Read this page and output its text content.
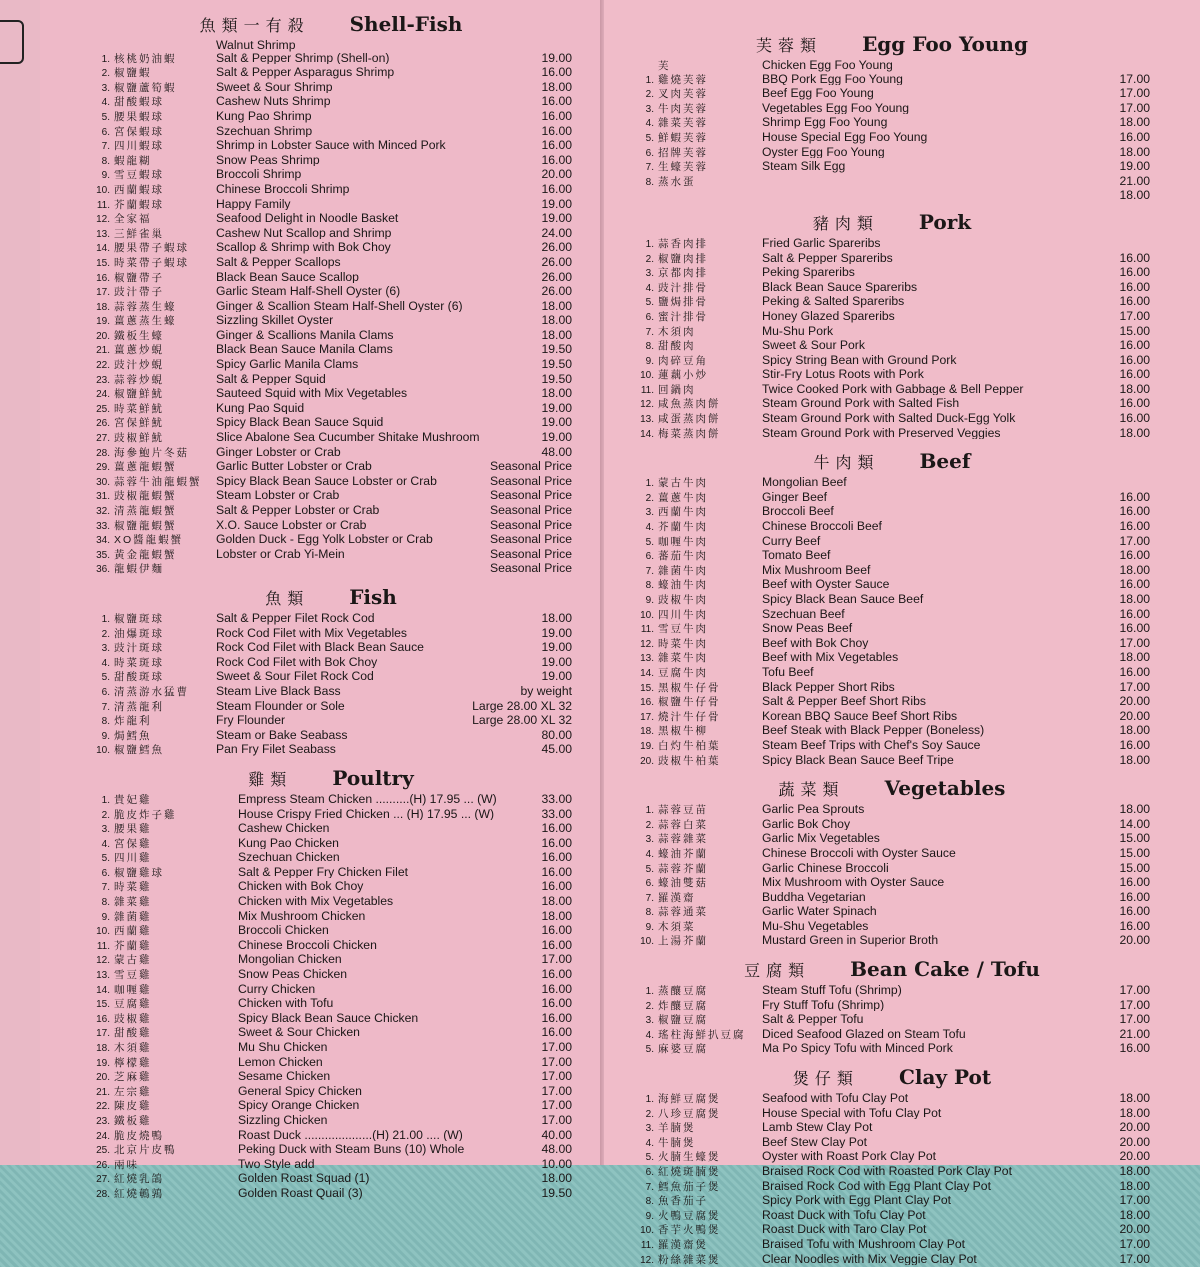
魚類一有殺 Shell-Fish
Walnut Shrimp
1. 核桃奶油蝦	Salt & Pepper Shrimp (Shell-on)	19.00
2. 椒鹽蝦	Salt & Pepper Asparagus Shrimp	16.00
3. 椒鹽蘆筍蝦	Sweet & Sour Shrimp	18.00
4. 甜酸蝦球	Cashew Nuts Shrimp	16.00
5. 腰果蝦球	Kung Pao Shrimp	16.00
6. 宮保蝦球	Szechuan Shrimp	16.00
7. 四川蝦球	Shrimp in Lobster Sauce with Minced Pork	16.00
8. 蝦龍糊	Snow Peas Shrimp	16.00
9. 雪豆蝦球	Broccoli Shrimp	20.00
10. 西蘭蝦球	Chinese Broccoli Shrimp	16.00
11. 芥蘭蝦球	Happy Family	19.00
12. 全家福	Seafood Delight in Noodle Basket	19.00
13. 三鮮雀巢	Cashew Nut Scallop and Shrimp	24.00
14. 腰果帶子蝦球	Scallop & Shrimp with Bok Choy	26.00
15. 時菜帶子蝦球	Salt & Pepper Scallops	26.00
16. 椒鹽帶子	Black Bean Sauce Scallop	26.00
17. 豉汁帶子	Garlic Steam Half-Shell Oyster (6)	26.00
18. 蒜蓉蒸生蠔	Ginger & Scallion Steam Half-Shell Oyster (6)	18.00
19. 薑蔥蒸生蠔	Sizzling Skillet Oyster	18.00
20. 鐵板生蠔	Ginger & Scallions Manila Clams	18.00
21. 薑蔥炒蜆	Black Bean Sauce Manila Clams	19.50
22. 豉汁炒蜆	Spicy Garlic Manila Clams	19.50
23. 蒜蓉炒蜆	Salt & Pepper Squid	19.50
24. 椒鹽鮮魷	Sauteed Squid with Mix Vegetables	18.00
25. 時菜鮮魷	Kung Pao Squid	19.00
26. 宮保鮮魷	Spicy Black Bean Sauce Squid	19.00
27. 豉椒鮮魷	Slice Abalone Sea Cucumber Shitake Mushroom	19.00
28. 海參鮑片冬菇	Ginger Lobster or Crab	48.00
29. 薑蔥龍蝦蟹	Garlic Butter Lobster or Crab	Seasonal Price
30. 蒜蓉牛油龍蝦蟹	Spicy Black Bean Sauce Lobster or Crab	Seasonal Price
31. 豉椒龍蝦蟹	Steam Lobster or Crab	Seasonal Price
32. 清蒸龍蝦蟹	Salt & Pepper Lobster or Crab	Seasonal Price
33. 椒鹽龍蝦蟹	X.O. Sauce Lobster or Crab	Seasonal Price
34. XO醬龍蝦蟹	Golden Duck - Egg Yolk Lobster or Crab	Seasonal Price
35. 黃金龍蝦蟹	Lobster or Crab Yi-Mein	Seasonal Price
36. 龍蝦伊麵	Seasonal Price
魚類 Fish
1. 椒鹽斑球	Salt & Pepper Filet Rock Cod	18.00
2. 油爆斑球	Rock Cod Filet with Mix Vegetables	19.00
3. 豉汁斑球	Rock Cod Filet with Black Bean Sauce	19.00
4. 時菜斑球	Rock Cod Filet with Bok Choy	19.00
5. 甜酸斑球	Sweet & Sour Filet Rock Cod	19.00
6. 清蒸游水猛曹	Steam Live Black Bass	by weight
7. 清蒸龍利	Steam Flounder or Sole	Large 28.00 XL 32
8. 炸龍利	Fry Flounder	Large 28.00 XL 32
9. 焗鱈魚	Steam or Bake Seabass	80.00
10. 椒鹽鱈魚	Pan Fry Filet Seabass	45.00
雞類 Poultry
1. 貴妃雞	Empress Steam Chicken ..........(H) 17.95 ... (W)	33.00
2. 脆皮炸子雞	House Crispy Fried Chicken ... (H) 17.95 ... (W)	33.00
3. 腰果雞	Cashew Chicken	16.00
4. 宮保雞	Kung Pao Chicken	16.00
5. 四川雞	Szechuan Chicken	16.00
6. 椒鹽雞球	Salt & Pepper Fry Chicken Filet	16.00
7. 時菜雞	Chicken with Bok Choy	16.00
8. 雜菜雞	Chicken with Mix Vegetables	18.00
9. 雜菌雞	Mix Mushroom Chicken	18.00
10. 西蘭雞	Broccoli Chicken	16.00
11. 芥蘭雞	Chinese Broccoli Chicken	16.00
12. 蒙古雞	Mongolian Chicken	17.00
13. 雪豆雞	Snow Peas Chicken	16.00
14. 咖喱雞	Curry Chicken	16.00
15. 豆腐雞	Chicken with Tofu	16.00
16. 豉椒雞	Spicy Black Bean Sauce Chicken	16.00
17. 甜酸雞	Sweet & Sour Chicken	16.00
18. 木須雞	Mu Shu Chicken	17.00
19. 檸檬雞	Lemon Chicken	17.00
20. 芝麻雞	Sesame Chicken	17.00
21. 左宗雞	General Spicy Chicken	17.00
22. 陳皮雞	Spicy Orange Chicken	17.00
23. 鐵板雞	Sizzling Chicken	17.00
24. 脆皮燒鴨	Roast Duck ....................(H) 21.00 .... (W)	40.00
25. 北京片皮鴨	Peking Duck with Steam Buns (10) Whole	48.00
26. 兩味	Two Style add	10.00
27. 紅燒乳鴿	Golden Roast Squad (1)	18.00
28. 紅燒鵪鶉	Golden Roast Quail (3)	19.50
芙蓉類 Egg Foo Young
芙	Chicken Egg Foo Young
1. 雞燒芙蓉	BBQ Pork Egg Foo Young	17.00
2. 叉肉芙蓉	Beef Egg Foo Young	17.00
3. 牛肉芙蓉	Vegetables Egg Foo Young	17.00
4. 雜菜芙蓉	Shrimp Egg Foo Young	18.00
5. 鮮蝦芙蓉	House Special Egg Foo Young	16.00
6. 招牌芙蓉	Oyster Egg Foo Young	18.00
7. 生蠔芙蓉	Steam Silk Egg	19.00
8. 蒸水蛋	21.00
18.00
豬肉類 Pork
1. 蒜香肉排	Fried Garlic Spareribs
2. 椒鹽肉排	Salt & Pepper Spareribs	16.00
3. 京都肉排	Peking Spareribs	16.00
4. 豉汁排骨	Black Bean Sauce Spareribs	16.00
5. 鹽焗排骨	Peking & Salted Spareribs	16.00
6. 蜜汁排骨	Honey Glazed Spareribs	17.00
7. 木須肉	Mu-Shu Pork	15.00
8. 甜酸肉	Sweet & Sour Pork	16.00
9. 肉碎豆角	Spicy String Bean with Ground Pork	16.00
10. 蓮藕小炒	Stir-Fry Lotus Roots with Pork	16.00
11. 回鍋肉	Twice Cooked Pork with Gabbage & Bell Pepper	18.00
12. 咸魚蒸肉餅	Steam Ground Pork with Salted Fish	16.00
13. 咸蛋蒸肉餅	Steam Ground Pork with Salted Duck-Egg Yolk	16.00
14. 梅菜蒸肉餅	Steam Ground Pork with Preserved Veggies	18.00
牛肉類 Beef
1. 蒙古牛肉	Mongolian Beef
2. 薑蔥牛肉	Ginger Beef	16.00
3. 西蘭牛肉	Broccoli Beef	16.00
4. 芥蘭牛肉	Chinese Broccoli Beef	16.00
5. 咖喱牛肉	Curry Beef	17.00
6. 蕃茄牛肉	Tomato Beef	16.00
7. 雜菌牛肉	Mix Mushroom Beef	18.00
8. 蠔油牛肉	Beef with Oyster Sauce	16.00
9. 豉椒牛肉	Spicy Black Bean Sauce Beef	18.00
10. 四川牛肉	Szechuan Beef	16.00
11. 雪豆牛肉	Snow Peas Beef	16.00
12. 時菜牛肉	Beef with Bok Choy	17.00
13. 雜菜牛肉	Beef with Mix Vegetables	18.00
14. 豆腐牛肉	Tofu Beef	16.00
15. 黑椒牛仔骨	Black Pepper Short Ribs	17.00
16. 椒鹽牛仔骨	Salt & Pepper Beef Short Ribs	20.00
17. 燒汁牛仔骨	Korean BBQ Sauce Beef Short Ribs	20.00
18. 黑椒牛柳	Beef Steak with Black Pepper (Boneless)	18.00
19. 白灼牛柏葉	Steam Beef Trips with Chef's Soy Sauce	16.00
20. 豉椒牛柏葉	Spicy Black Bean Sauce Beef Tripe	18.00
蔬菜類 Vegetables
1. 蒜蓉豆苗	Garlic Pea Sprouts	18.00
2. 蒜蓉白菜	Garlic Bok Choy	14.00
3. 蒜蓉雜菜	Garlic Mix Vegetables	15.00
4. 蠔油芥蘭	Chinese Broccoli with Oyster Sauce	15.00
5. 蒜蓉芥蘭	Garlic Chinese Broccoli	15.00
6. 蠔油雙菇	Mix Mushroom with Oyster Sauce	16.00
7. 羅漢齋	Buddha Vegetarian	16.00
8. 蒜蓉通菜	Garlic Water Spinach	16.00
9. 木須菜	Mu-Shu Vegetables	16.00
10. 上湯芥蘭	Mustard Green in Superior Broth	20.00
豆腐類 Bean Cake / Tofu
1. 蒸釀豆腐	Steam Stuff Tofu (Shrimp)	17.00
2. 炸釀豆腐	Fry Stuff Tofu (Shrimp)	17.00
3. 椒鹽豆腐	Salt & Pepper Tofu	17.00
4. 瑤柱海鮮扒豆腐	Diced Seafood Glazed on Steam Tofu	21.00
5. 麻婆豆腐	Ma Po Spicy Tofu with Minced Pork	16.00
煲仔類 Clay Pot
1. 海鮮豆腐煲	Seafood with Tofu Clay Pot	18.00
2. 八珍豆腐煲	House Special with Tofu Clay Pot	18.00
3. 羊腩煲	Lamb Stew Clay Pot	20.00
4. 牛腩煲	Beef Stew Clay Pot	20.00
5. 火腩生蠔煲	Oyster with Roast Pork Clay Pot	20.00
6. 紅燒斑腩煲	Braised Rock Cod with Roasted Pork Clay Pot	18.00
7. 鱈魚茄子煲	Braised Rock Cod with Egg Plant Clay Pot	18.00
8. 魚香茄子	Spicy Pork with Egg Plant Clay Pot	17.00
9. 火鴨豆腐煲	Roast Duck with Tofu Clay Pot	18.00
10. 香芋火鴨煲	Roast Duck with Taro Clay Pot	20.00
11. 羅漢齋煲	Braised Tofu with Mushroom Clay Pot	17.00
12. 粉絲雜菜煲	Clear Noodles with Mix Veggie Clay Pot	17.00
